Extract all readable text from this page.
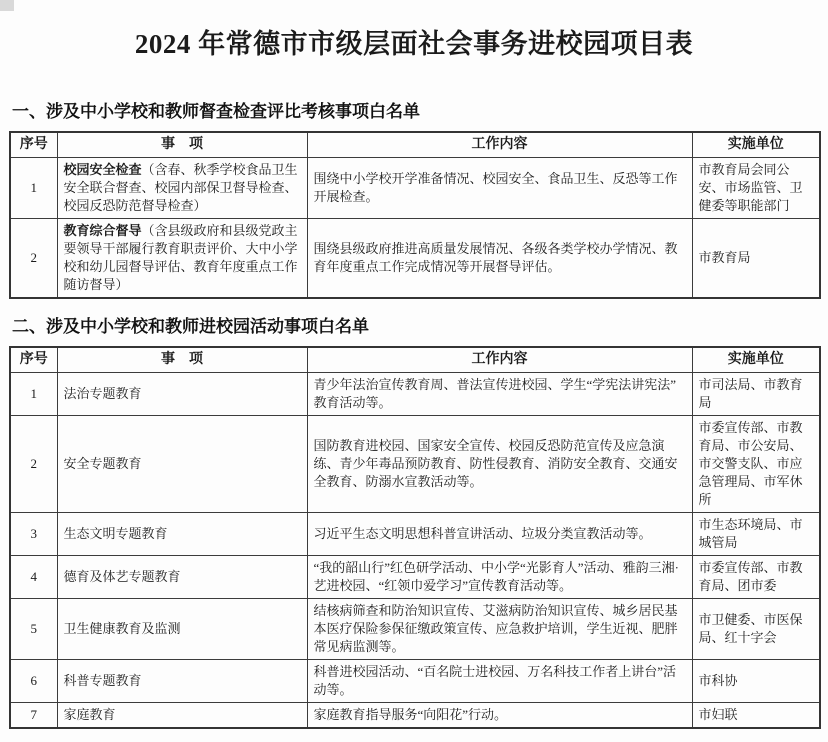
2024 年常德市市级层面社会事务进校园项目表
一、涉及中小学校和教师督查检查评比考核事项白名单
序号	事　项	工作内容	实施单位
1	校园安全检查（含春、秋季学校食品卫生安全联合督查、校园内部保卫督导检查、校园反恐防范督导检查）	围绕中小学校开学准备情况、校园安全、食品卫生、反恐等工作开展检查。	市教育局会同公安、市场监管、卫健委等职能部门
2	教育综合督导（含县级政府和县级党政主要领导干部履行教育职责评价、大中小学校和幼儿园督导评估、教育年度重点工作随访督导）	围绕县级政府推进高质量发展情况、各级各类学校办学情况、教育年度重点工作完成情况等开展督导评估。	市教育局
二、涉及中小学校和教师进校园活动事项白名单
序号	事　项	工作内容	实施单位
1	法治专题教育	青少年法治宣传教育周、普法宣传进校园、学生“学宪法讲宪法”教育活动等。	市司法局、市教育局
2	安全专题教育	国防教育进校园、国家安全宣传、校园反恐防范宣传及应急演练、青少年毒品预防教育、防性侵教育、消防安全教育、交通安全教育、防溺水宣教活动等。	市委宣传部、市教育局、市公安局、市交警支队、市应急管理局、市军休所
3	生态文明专题教育	习近平生态文明思想科普宣讲活动、垃圾分类宣教活动等。	市生态环境局、市城管局
4	德育及体艺专题教育	“我的韶山行”红色研学活动、中小学“光影育人”活动、雅韵三湘·艺进校园、“红领巾爱学习”宣传教育活动等。	市委宣传部、市教育局、团市委
5	卫生健康教育及监测	结核病筛查和防治知识宣传、艾滋病防治知识宣传、城乡居民基本医疗保险参保征缴政策宣传、应急救护培训，学生近视、肥胖常见病监测等。	市卫健委、市医保局、红十字会
6	科普专题教育	科普进校园活动、“百名院士进校园、万名科技工作者上讲台”活动等。	市科协
7	家庭教育	家庭教育指导服务“向阳花”行动。	市妇联
